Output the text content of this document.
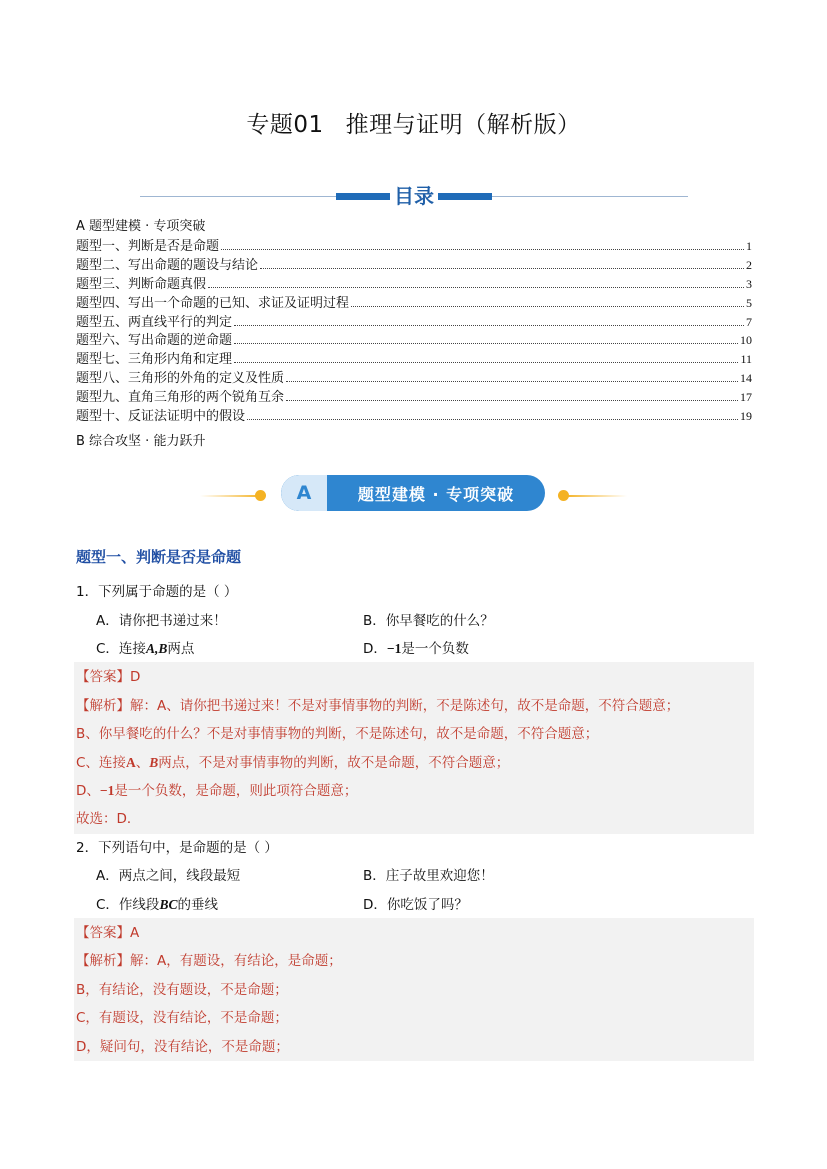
专题01 推理与证明（解析版）
目录
A 题型建模 · 专项突破
题型一、判断是否是命题	1
题型二、写出命题的题设与结论	2
题型三、判断命题真假	3
题型四、写出一个命题的已知、求证及证明过程	5
题型五、两直线平行的判定	7
题型六、写出命题的逆命题	10
题型七、三角形内角和定理	11
题型八、三角形的外角的定义及性质	14
题型九、直角三角形的两个锐角互余	17
题型十、反证法证明中的假设	19
B 综合攻坚 · 能力跃升
A	题型建模 · 专项突破
题型一、判断是否是命题
1．下列属于命题的是（ ）
A．请你把书递过来！	B．你早餐吃的什么？
C．连接A,B两点	D．−1是一个负数
【答案】D
【解析】解：A、请你把书递过来！不是对事情事物的判断，不是陈述句，故不是命题，不符合题意；
B、你早餐吃的什么？不是对事情事物的判断，不是陈述句，故不是命题，不符合题意；
C、连接A、B两点，不是对事情事物的判断，故不是命题，不符合题意；
D、−1是一个负数，是命题，则此项符合题意；
故选：D．
2．下列语句中，是命题的是（ ）
A．两点之间，线段最短	B．庄子故里欢迎您！
C．作线段BC的垂线	D．你吃饭了吗？
【答案】A
【解析】解：A，有题设，有结论，是命题；
B，有结论，没有题设，不是命题；
C，有题设，没有结论，不是命题；
D，疑问句，没有结论，不是命题；
